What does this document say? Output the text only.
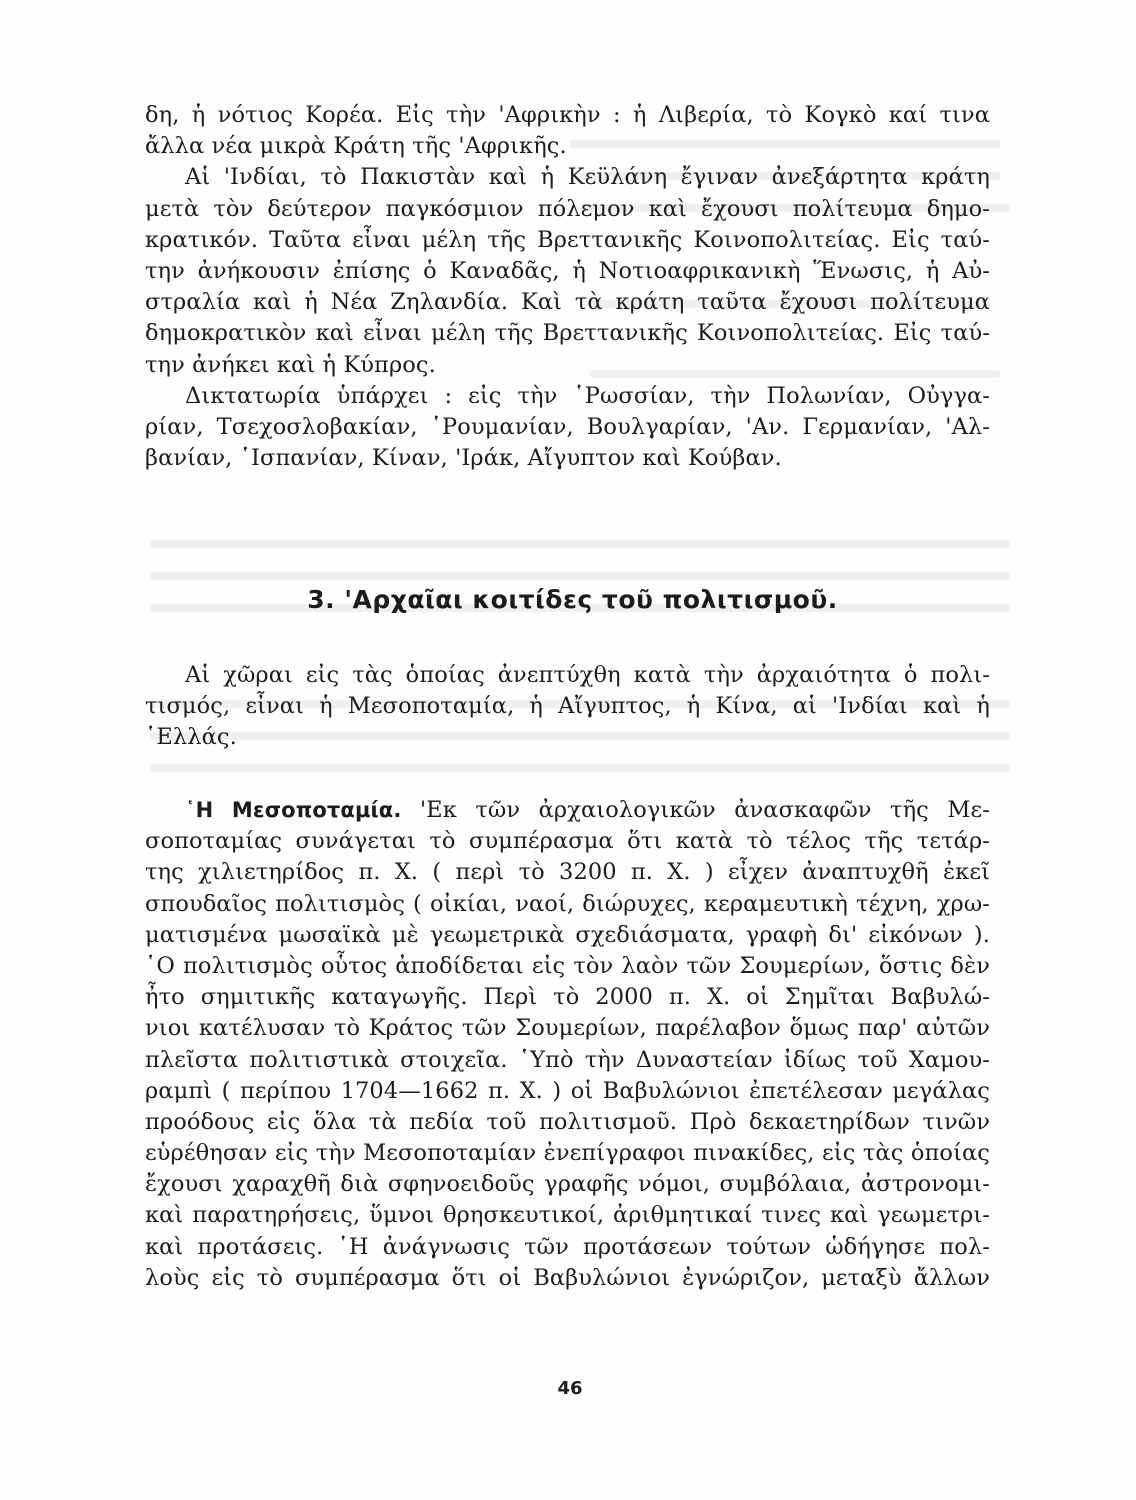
δη, ἡ νότιος Κορέα. Εἰς τὴν 'Αφρικὴν : ἡ Λιβερία, τὸ Κογκὸ καί τινα
ἄλλα νέα μικρὰ Κράτη τῆς 'Αφρικῆς.
Αἱ 'Ινδίαι, τὸ Πακιστὰν καὶ ἡ Κεϋλάνη ἔγιναν ἀνεξάρτητα κράτη
μετὰ τὸν δεύτερον παγκόσμιον πόλεμον καὶ ἔχουσι πολίτευμα δημο-
κρατικόν. Ταῦτα εἶναι μέλη τῆς Βρεττανικῆς Κοινοπολιτείας. Εἰς ταύ-
την ἀνήκουσιν ἐπίσης ὁ Καναδᾶς, ἡ Νοτιοαφρικανικὴ Ἕνωσις, ἡ Αὐ-
στραλία καὶ ἡ Νέα Ζηλανδία. Καὶ τὰ κράτη ταῦτα ἔχουσι πολίτευμα
δημοκρατικὸν καὶ εἶναι μέλη τῆς Βρεττανικῆς Κοινοπολιτείας. Εἰς ταύ-
την ἀνήκει καὶ ἡ Κύπρος.
Δικτατωρία ὑπάρχει : εἰς τὴν ῾Ρωσσίαν, τὴν Πολωνίαν, Οὐγγα-
ρίαν, Τσεχοσλοβακίαν, ῾Ρουμανίαν, Βουλγαρίαν, 'Αν. Γερμανίαν, 'Αλ-
βανίαν, ῾Ισπανίαν, Κίναν, 'Ιράκ, Αἴγυπτον καὶ Κούβαν.
3. 'Αρχαῖαι κοιτίδες τοῦ πολιτισμοῦ.
Αἱ χῶραι εἰς τὰς ὁποίας ἀνεπτύχθη κατὰ τὴν ἀρχαιότητα ὁ πολι-
τισμός, εἶναι ἡ Μεσοποταμία, ἡ Αἴγυπτος, ἡ Κίνα, αἱ 'Ινδίαι καὶ ἡ
῾Ελλάς.
῾Η Μεσοποταμία. 'Εκ τῶν ἀρχαιολογικῶν ἀνασκαφῶν τῆς Με-
σοποταμίας συνάγεται τὸ συμπέρασμα ὅτι κατὰ τὸ τέλος τῆς τετάρ-
της χιλιετηρίδος π. Χ. ( περὶ τὸ 3200 π. Χ. ) εἶχεν ἀναπτυχθῆ ἐκεῖ
σπουδαῖος πολιτισμὸς ( οἰκίαι, ναοί, διώρυχες, κεραμευτικὴ τέχνη, χρω-
ματισμένα μωσαϊκὰ μὲ γεωμετρικὰ σχεδιάσματα, γραφὴ δι' εἰκόνων ).
῾Ο πολιτισμὸς οὗτος ἀποδίδεται εἰς τὸν λαὸν τῶν Σουμερίων, ὅστις δὲν
ἦτο σημιτικῆς καταγωγῆς. Περὶ τὸ 2000 π. Χ. οἱ Σημῖται Βαβυλώ-
νιοι κατέλυσαν τὸ Κράτος τῶν Σουμερίων, παρέλαβον ὅμως παρ' αὐτῶν
πλεῖστα πολιτιστικὰ στοιχεῖα. ῾Υπὸ τὴν Δυναστείαν ἰδίως τοῦ Χαμου-
ραμπὶ ( περίπου 1704—1662 π. Χ. ) οἱ Βαβυλώνιοι ἐπετέλεσαν μεγάλας
προόδους εἰς ὅλα τὰ πεδία τοῦ πολιτισμοῦ. Πρὸ δεκαετηρίδων τινῶν
εὑρέθησαν εἰς τὴν Μεσοποταμίαν ἐνεπίγραφοι πινακίδες, εἰς τὰς ὁποίας
ἔχουσι χαραχθῆ διὰ σφηνοειδοῦς γραφῆς νόμοι, συμβόλαια, ἀστρονομι-
καὶ παρατηρήσεις, ὕμνοι θρησκευτικοί, ἀριθμητικαί τινες καὶ γεωμετρι-
καὶ προτάσεις. ῾Η ἀνάγνωσις τῶν προτάσεων τούτων ὡδήγησε πολ-
λοὺς εἰς τὸ συμπέρασμα ὅτι οἱ Βαβυλώνιοι ἐγνώριζον, μεταξὺ ἄλλων
46
